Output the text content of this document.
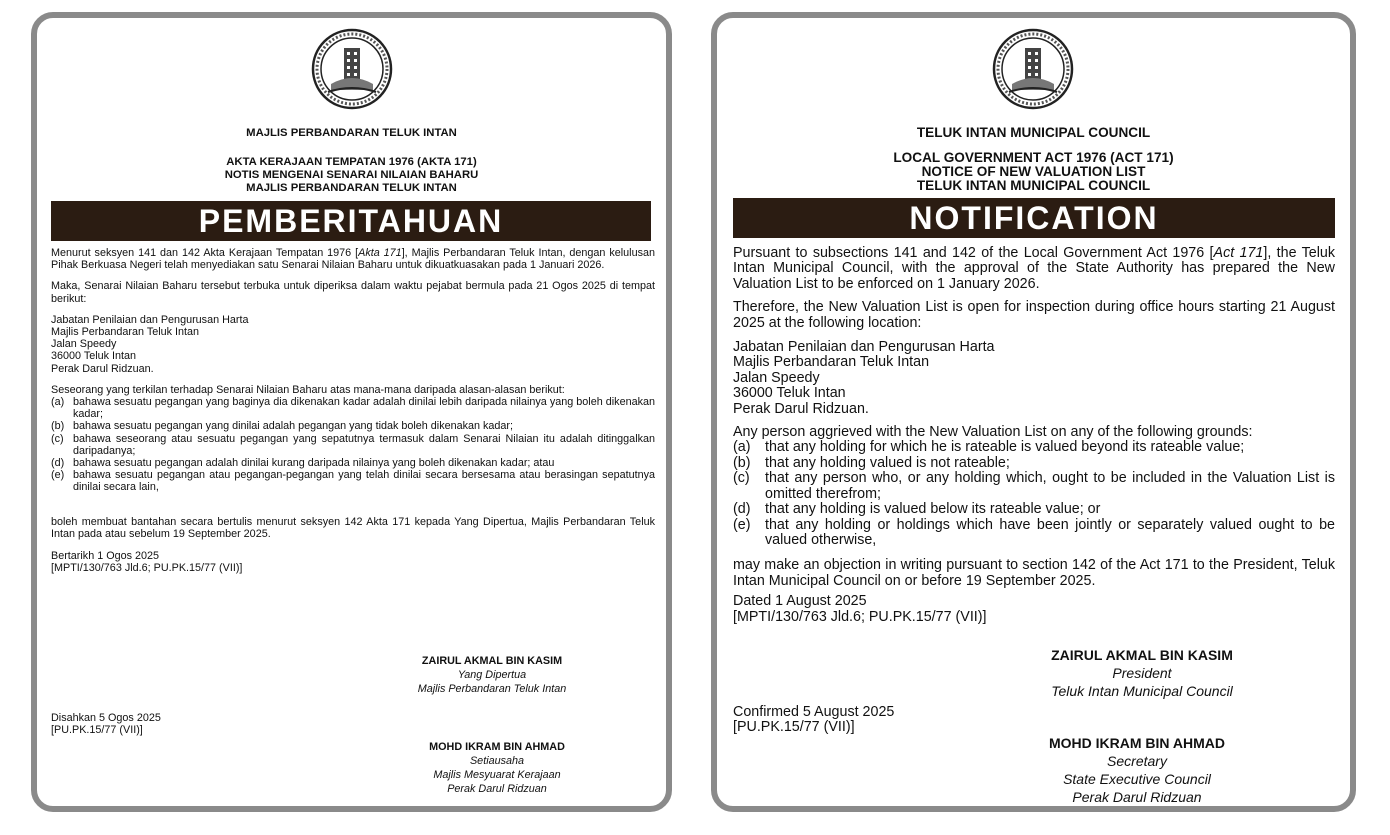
MAJLIS PERBANDARAN TELUK INTAN
AKTA KERAJAAN TEMPATAN 1976 (AKTA 171)
NOTIS MENGENAI SENARAI NILAIAN BAHARU
MAJLIS PERBANDARAN TELUK INTAN
PEMBERITAHUAN

Menurut seksyen 141 dan 142 Akta Kerajaan Tempatan 1976 [Akta 171], Majlis Perbandaran Teluk Intan, dengan kelulusan Pihak Berkuasa Negeri telah menyediakan satu Senarai Nilaian Baharu untuk dikuatkuasakan pada 1 Januari 2026.

Maka, Senarai Nilaian Baharu tersebut terbuka untuk diperiksa dalam waktu pejabat bermula pada 21 Ogos 2025 di tempat berikut:

Jabatan Penilaian dan Pengurusan Harta
Majlis Perbandaran Teluk Intan
Jalan Speedy
36000 Teluk Intan
Perak Darul Ridzuan.

Seseorang yang terkilan terhadap Senarai Nilaian Baharu atas mana-mana daripada alasan-alasan berikut:

(a) bahawa sesuatu pegangan yang baginya dia dikenakan kadar adalah dinilai lebih daripada nilainya yang boleh dikenakan kadar;
(b) bahawa sesuatu pegangan yang dinilai adalah pegangan yang tidak boleh dikenakan kadar;
(c) bahawa seseorang atau sesuatu pegangan yang sepatutnya termasuk dalam Senarai Nilaian itu adalah ditinggalkan daripadanya;
(d) bahawa sesuatu pegangan adalah dinilai kurang daripada nilainya yang boleh dikenakan kadar; atau
(e) bahawa sesuatu pegangan atau pegangan-pegangan yang telah dinilai secara bersesama atau berasingan sepatutnya dinilai secara lain,

boleh membuat bantahan secara bertulis menurut seksyen 142 Akta 171 kepada Yang Dipertua, Majlis Perbandaran Teluk Intan pada atau sebelum 19 September 2025.

Bertarikh 1 Ogos 2025

[MPTI/130/763 Jld.6; PU.PK.15/77 (VII)]

ZAIRUL AKMAL BIN KASIM
Yang Dipertua
Majlis Perbandaran Teluk Intan

Disahkan 5 Ogos 2025

[PU.PK.15/77 (VII)]

MOHD IKRAM BIN AHMAD
Setiausaha
Majlis Mesyuarat Kerajaan
Perak Darul Ridzuan
TELUK INTAN MUNICIPAL COUNCIL
LOCAL GOVERNMENT ACT 1976 (ACT 171)
NOTICE OF NEW VALUATION LIST
TELUK INTAN MUNICIPAL COUNCIL
NOTIFICATION

Pursuant to subsections 141 and 142 of the Local Government Act 1976 [Act 171], the Teluk Intan Municipal Council, with the approval of the State Authority has prepared the New Valuation List to be enforced on 1 January 2026.

Therefore, the New Valuation List is open for inspection during office hours starting 21 August 2025 at the following location:

Jabatan Penilaian dan Pengurusan Harta
Majlis Perbandaran Teluk Intan
Jalan Speedy
36000 Teluk Intan
Perak Darul Ridzuan.

Any person aggrieved with the New Valuation List on any of the following grounds:

(a)	that any holding for which he is rateable is valued beyond its rateable value;
(b)	that any holding valued is not rateable;
(c)	that any person who, or any holding which, ought to be included in the Valuation List is omitted therefrom;
(d)	that any holding is valued below its rateable value; or
(e)	that any holding or holdings which have been jointly or separately valued ought to be valued otherwise,

may make an objection in writing pursuant to section 142 of the Act 171 to the President, Teluk Intan Municipal Council on or before 19 September 2025.

Dated 1 August 2025

[MPTI/130/763 Jld.6; PU.PK.15/77 (VII)]

ZAIRUL AKMAL BIN KASIM
President
Teluk Intan Municipal Council

Confirmed 5 August 2025

[PU.PK.15/77 (VII)]

MOHD IKRAM BIN AHMAD
Secretary
State Executive Council
Perak Darul Ridzuan
